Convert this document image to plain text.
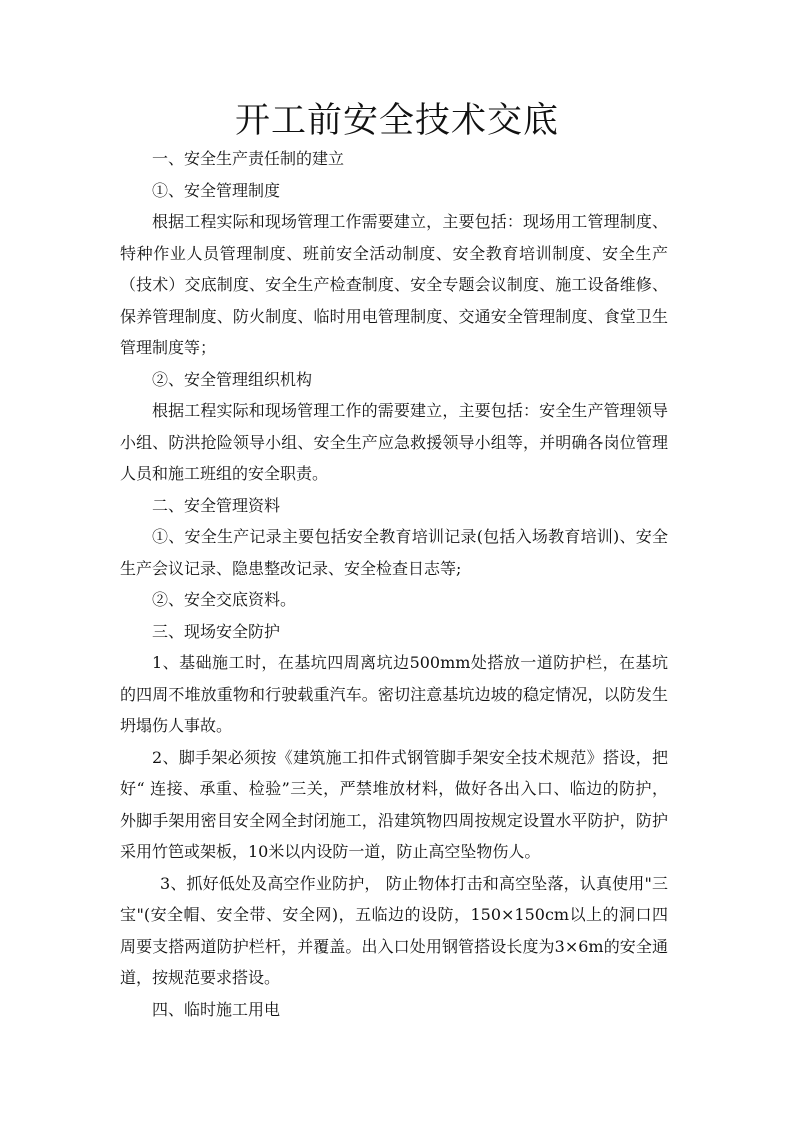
开工前安全技术交底

一、安全生产责任制的建立

①、安全管理制度

根据工程实际和现场管理工作需要建立，主要包括：现场用工管理制度、特种作业人员管理制度、班前安全活动制度、安全教育培训制度、安全生产（技术）交底制度、安全生产检查制度、安全专题会议制度、施工设备维修、保养管理制度、防火制度、临时用电管理制度、交通安全管理制度、食堂卫生管理制度等；

②、安全管理组织机构

根据工程实际和现场管理工作的需要建立，主要包括：安全生产管理领导小组、防洪抢险领导小组、安全生产应急救援领导小组等，并明确各岗位管理人员和施工班组的安全职责。

二、安全管理资料

①、安全生产记录主要包括安全教育培训记录(包括入场教育培训)、安全生产会议记录、隐患整改记录、安全检查日志等;

②、安全交底资料。

三、现场安全防护

1、基础施工时，在基坑四周离坑边500mm处搭放一道防护栏，在基坑的四周不堆放重物和行驶载重汽车。密切注意基坑边坡的稳定情况，以防发生坍塌伤人事故。

2、脚手架必须按《建筑施工扣件式钢管脚手架安全技术规范》搭设，把好“ 连接、承重、检验”三关，严禁堆放材料，做好各出入口、临边的防护，外脚手架用密目安全网全封闭施工，沿建筑物四周按规定设置水平防护，防护采用竹笆或架板，10米以内设防一道，防止高空坠物伤人。

3、抓好低处及高空作业防护， 防止物体打击和高空坠落，认真使用"三宝"(安全帽、安全带、安全网)，五临边的设防，150×150cm以上的洞口四周要支搭两道防护栏杆，并覆盖。出入口处用钢管搭设长度为3×6m的安全通道，按规范要求搭设。

四、临时施工用电
